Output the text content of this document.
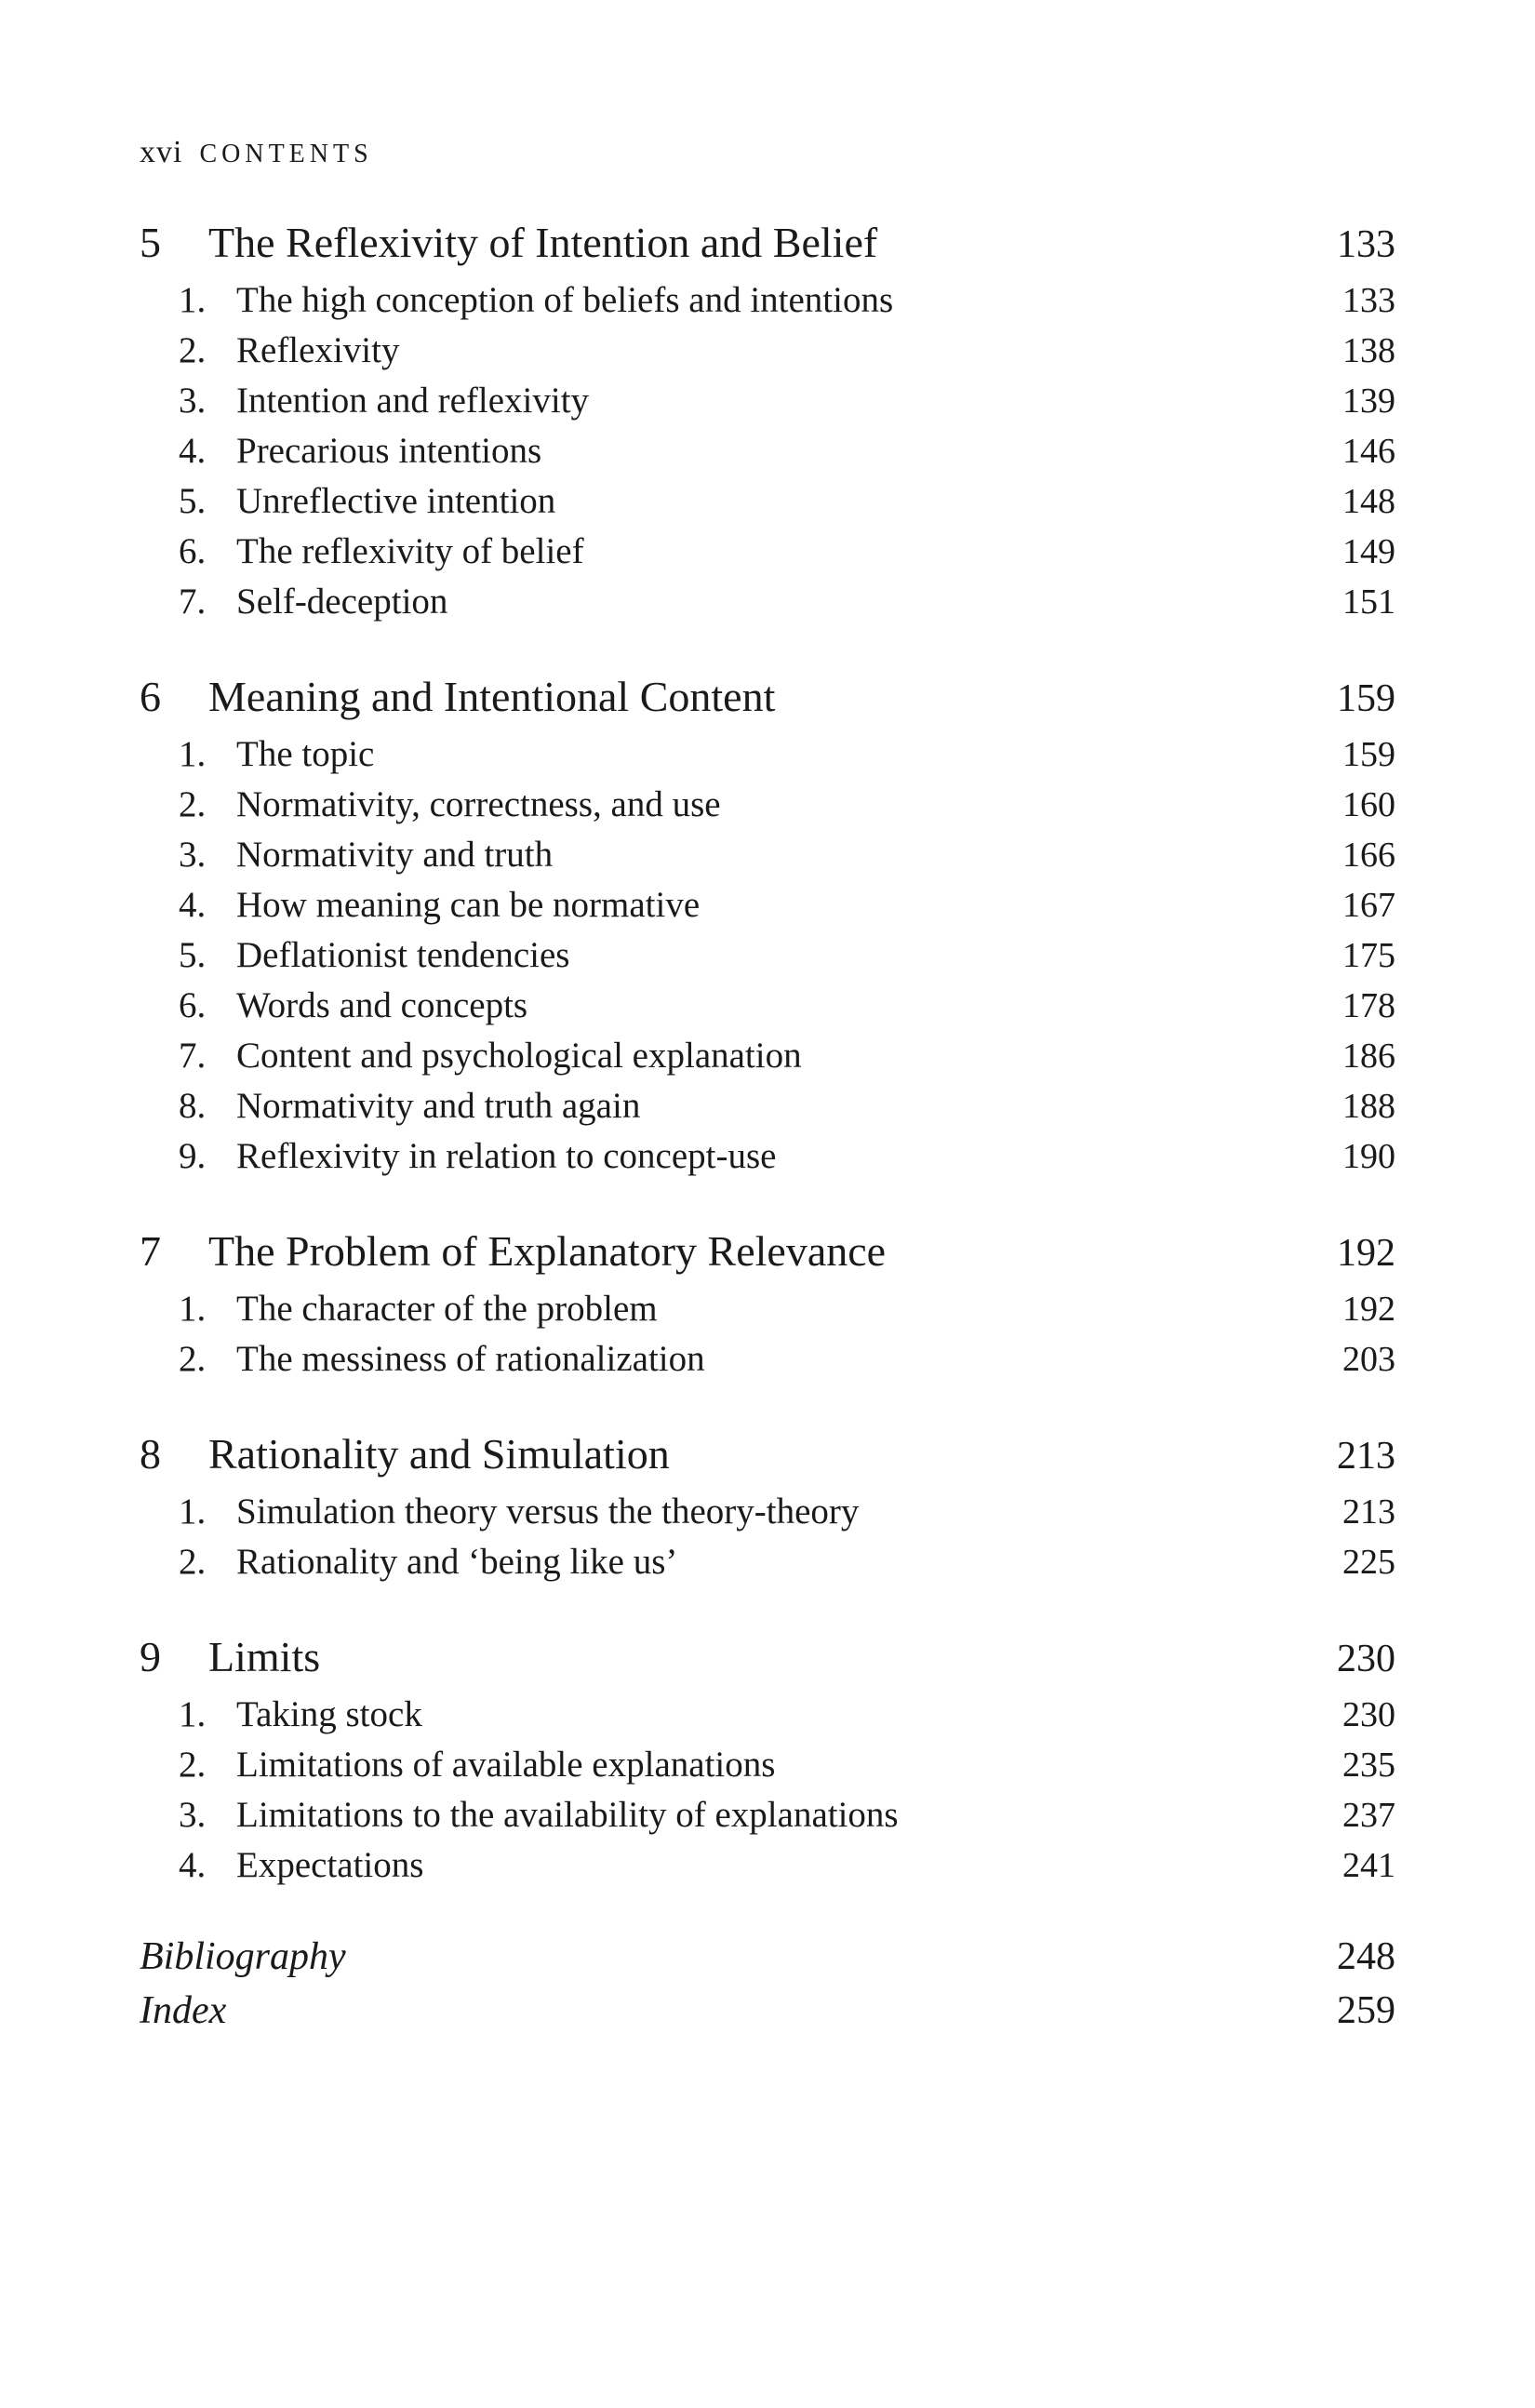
xvi CONTENTS
5	The Reflexivity of Intention and Belief	133
1. The high conception of beliefs and intentions	133
2. Reflexivity	138
3. Intention and reflexivity	139
4. Precarious intentions	146
5. Unreflective intention	148
6. The reflexivity of belief	149
7. Self-deception	151
6	Meaning and Intentional Content	159
1. The topic	159
2. Normativity, correctness, and use	160
3. Normativity and truth	166
4. How meaning can be normative	167
5. Deflationist tendencies	175
6. Words and concepts	178
7. Content and psychological explanation	186
8. Normativity and truth again	188
9. Reflexivity in relation to concept-use	190
7	The Problem of Explanatory Relevance	192
1. The character of the problem	192
2. The messiness of rationalization	203
8	Rationality and Simulation	213
1. Simulation theory versus the theory-theory	213
2. Rationality and ‘being like us’	225
9	Limits	230
1. Taking stock	230
2. Limitations of available explanations	235
3. Limitations to the availability of explanations	237
4. Expectations	241
Bibliography	248
Index	259
